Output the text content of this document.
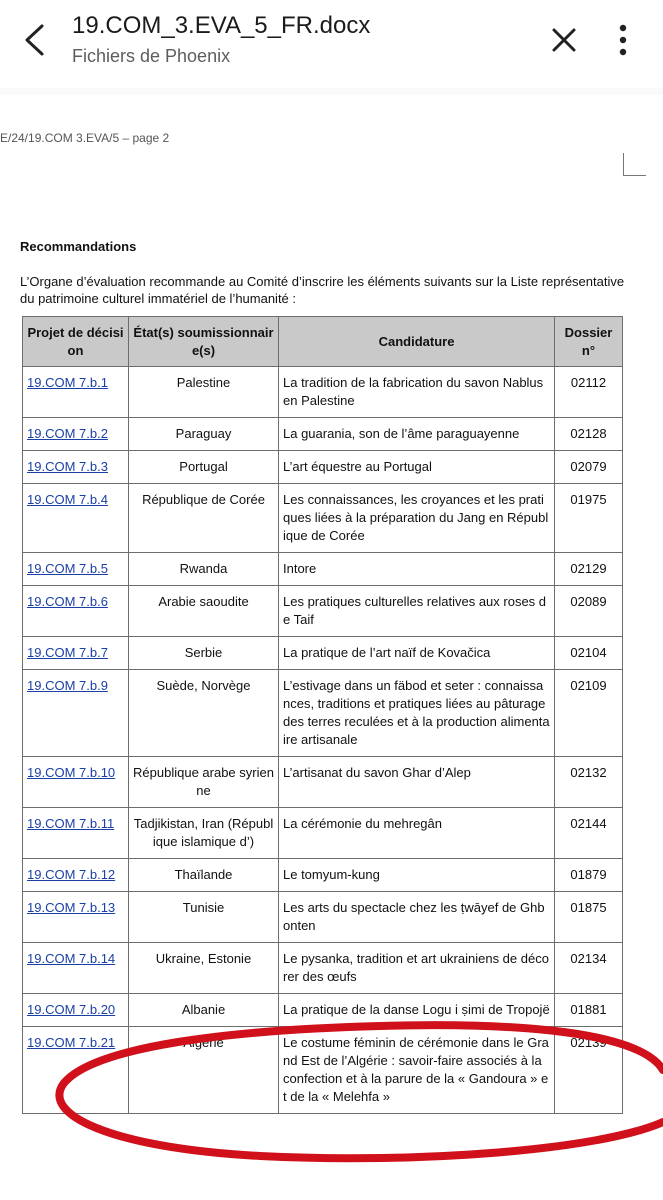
19.COM_3.EVA_5_FR.docx
Fichiers de Phoenix
E/24/19.COM 3.EVA/5 – page 2
Recommandations
L’Organe d’évaluation recommande au Comité d’inscrire les éléments suivants sur la Liste représentative du patrimoine culturel immatériel de l’humanité :
Projet de décision	État(s) soumissionnaire(s)	Candidature	Dossier n°
19.COM 7.b.1	Palestine	La tradition de la fabrication du savon Nablus en Palestine	02112
19.COM 7.b.2	Paraguay	La guarania, son de l’âme paraguayenne	02128
19.COM 7.b.3	Portugal	L’art équestre au Portugal	02079
19.COM 7.b.4	République de Corée	Les connaissances, les croyances et les pratiques liées à la préparation du Jang en République de Corée	01975
19.COM 7.b.5	Rwanda	Intore	02129
19.COM 7.b.6	Arabie saoudite	Les pratiques culturelles relatives aux roses de Taif	02089
19.COM 7.b.7	Serbie	La pratique de l’art naïf de Kovačica	02104
19.COM 7.b.9	Suède, Norvège	L’estivage dans un fäbod et seter : connaissances, traditions et pratiques liées au pâturage des terres reculées et à la production alimentaire artisanale	02109
19.COM 7.b.10	République arabe syrienne	L’artisanat du savon Ghar d’Alep	02132
19.COM 7.b.11	Tadjikistan, Iran (République islamique d’)	La cérémonie du mehregân	02144
19.COM 7.b.12	Thaïlande	Le tomyum-kung	01879
19.COM 7.b.13	Tunisie	Les arts du spectacle chez les ṭwāyef de Ghbonten	01875
19.COM 7.b.14	Ukraine, Estonie	Le pysanka, tradition et art ukrainiens de décorer des œufs	02134
19.COM 7.b.20	Albanie	La pratique de la danse Logu i ṣimi de Tropojë	01881
19.COM 7.b.21	Algérie	Le costume féminin de cérémonie dans le Grand Est de l’Algérie : savoir-faire associés à la confection et à la parure de la « Gandoura » et de la « Melehfa »	02139
